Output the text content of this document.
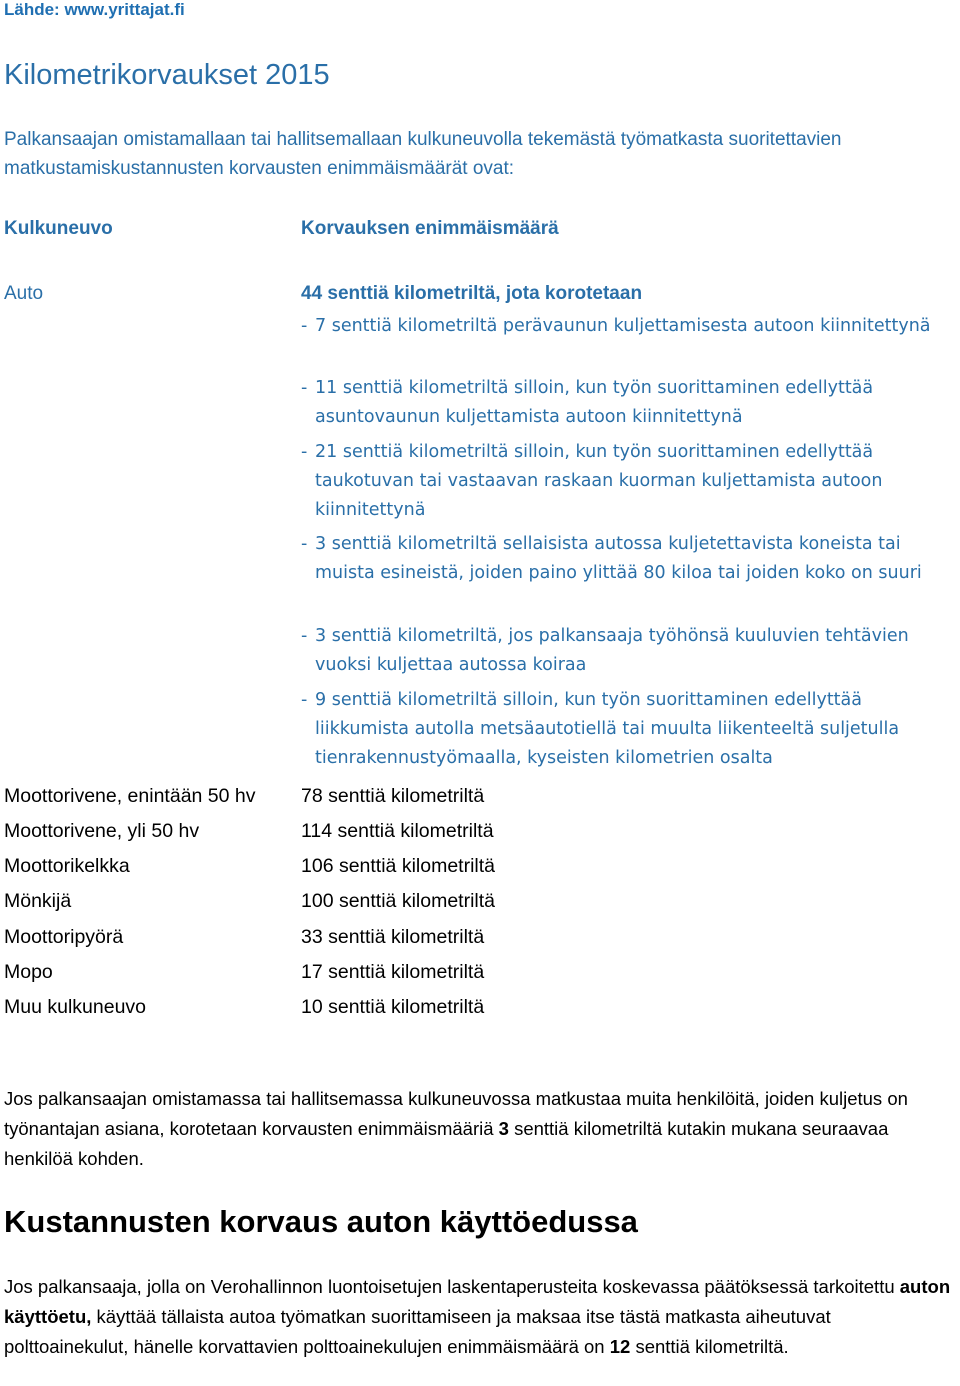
Lähde: www.yrittajat.fi
Kilometrikorvaukset 2015
Palkansaajan omistamallaan tai hallitsemallaan kulkuneuvolla tekemästä työmatkasta suoritettavien matkustamiskustannusten korvausten enimmäismäärät ovat:
Kulkuneuvo	Korvauksen enimmäismäärä
Auto	44 senttiä kilometriltä, jota korotetaan
- 7 senttiä kilometriltä perävaunun kuljettamisesta autoon kiinnitettynä
- 11 senttiä kilometriltä silloin, kun työn suorittaminen edellyttää asuntovaunun kuljettamista autoon kiinnitettynä
- 21 senttiä kilometriltä silloin, kun työn suorittaminen edellyttää taukotuvan tai vastaavan raskaan kuorman kuljettamista autoon kiinnitettynä
- 3 senttiä kilometriltä sellaisista autossa kuljetettavista koneista tai muista esineistä, joiden paino ylittää 80 kiloa tai joiden koko on suuri
- 3 senttiä kilometriltä, jos palkansaaja työhönsä kuuluvien tehtävien vuoksi kuljettaa autossa koiraa
- 9 senttiä kilometriltä silloin, kun työn suorittaminen edellyttää liikkumista autolla metsäautotiellä tai muulta liikenteeltä suljetulla tienrakennustyömaalla, kyseisten kilometrien osalta
Moottorivene, enintään 50 hv 78 senttiä kilometriltä
Moottorivene, yli 50 hv	114 senttiä kilometriltä
Moottorikelkka	106 senttiä kilometriltä
Mönkijä	100 senttiä kilometriltä
Moottoripyörä	33 senttiä kilometriltä
Mopo	17 senttiä kilometriltä
Muu kulkuneuvo	10 senttiä kilometriltä
Jos palkansaajan omistamassa tai hallitsemassa kulkuneuvossa matkustaa muita henkilöitä, joiden kuljetus on työnantajan asiana, korotetaan korvausten enimmäismääriä 3 senttiä kilometriltä kutakin mukana seuraavaa henkilöä kohden.
Kustannusten korvaus auton käyttöedussa
Jos palkansaaja, jolla on Verohallinnon luontoisetujen laskentaperusteita koskevassa päätöksessä tarkoitettu auton käyttöetu, käyttää tällaista autoa työmatkan suorittamiseen ja maksaa itse tästä matkasta aiheutuvat polttoainekulut, hänelle korvattavien polttoainekulujen enimmäismäärä on 12 senttiä kilometriltä.
